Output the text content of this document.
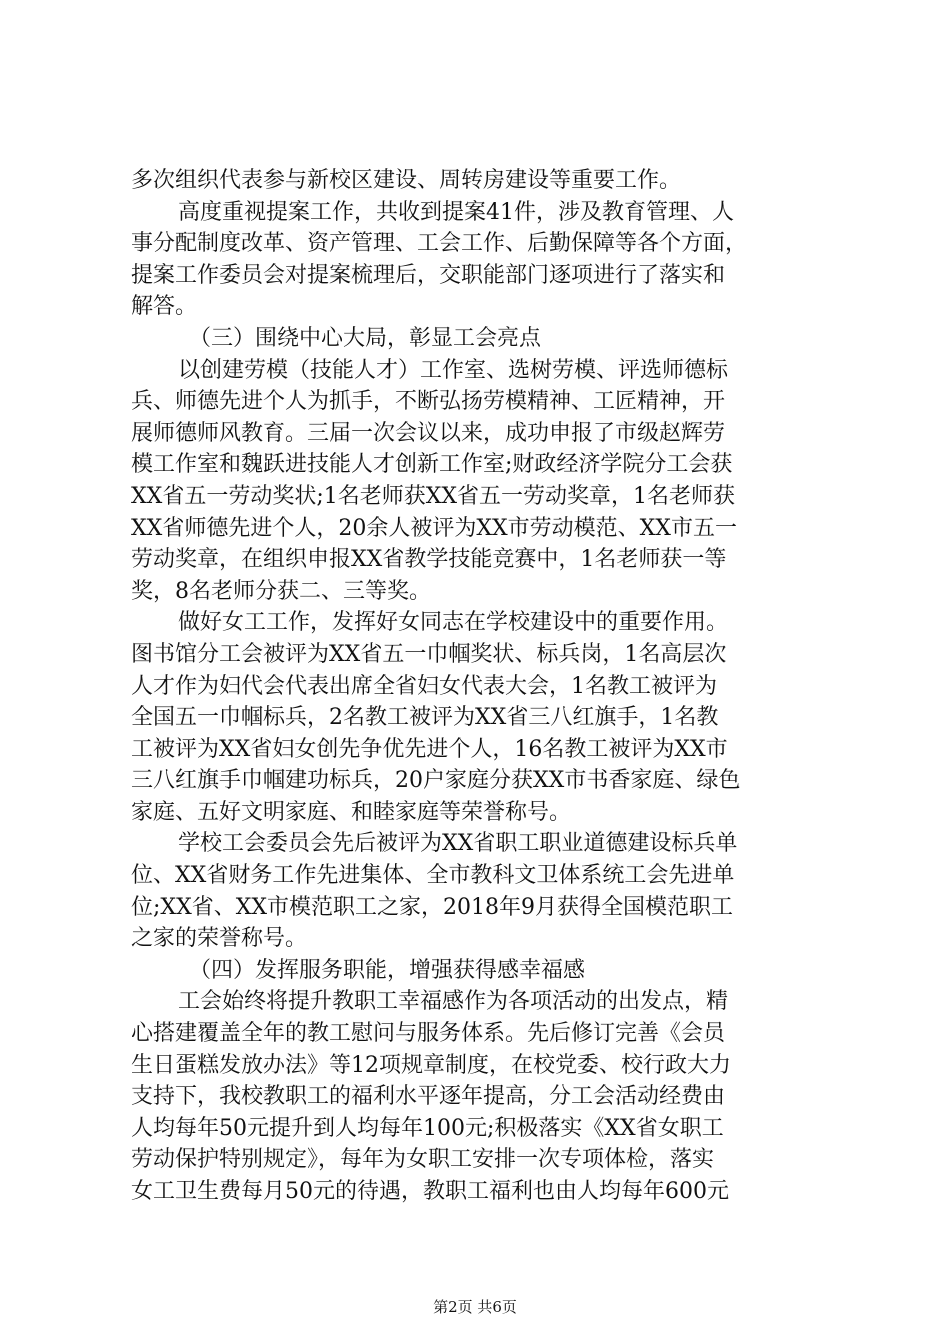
多次组织代表参与新校区建设、周转房建设等重要工作。
高度重视提案工作，共收到提案41件，涉及教育管理、人
事分配制度改革、资产管理、工会工作、后勤保障等各个方面，
提案工作委员会对提案梳理后，交职能部门逐项进行了落实和
解答。
（三）围绕中心大局，彰显工会亮点
以创建劳模（技能人才）工作室、选树劳模、评选师德标
兵、师德先进个人为抓手，不断弘扬劳模精神、工匠精神，开
展师德师风教育。三届一次会议以来，成功申报了市级赵辉劳
模工作室和魏跃进技能人才创新工作室;财政经济学院分工会获
XX省五一劳动奖状;1名老师获XX省五一劳动奖章，1名老师获
XX省师德先进个人，20余人被评为XX市劳动模范、XX市五一
劳动奖章，在组织申报XX省教学技能竞赛中，1名老师获一等
奖，8名老师分获二、三等奖。
做好女工工作，发挥好女同志在学校建设中的重要作用。
图书馆分工会被评为XX省五一巾帼奖状、标兵岗，1名高层次
人才作为妇代会代表出席全省妇女代表大会，1名教工被评为
全国五一巾帼标兵，2名教工被评为XX省三八红旗手，1名教
工被评为XX省妇女创先争优先进个人，16名教工被评为XX市
三八红旗手巾帼建功标兵，20户家庭分获XX市书香家庭、绿色
家庭、五好文明家庭、和睦家庭等荣誉称号。
学校工会委员会先后被评为XX省职工职业道德建设标兵单
位、XX省财务工作先进集体、全市教科文卫体系统工会先进单
位;XX省、XX市模范职工之家，2018年9月获得全国模范职工
之家的荣誉称号。
（四）发挥服务职能，增强获得感幸福感
工会始终将提升教职工幸福感作为各项活动的出发点，精
心搭建覆盖全年的教工慰问与服务体系。先后修订完善《会员
生日蛋糕发放办法》等12项规章制度，在校党委、校行政大力
支持下，我校教职工的福利水平逐年提高，分工会活动经费由
人均每年50元提升到人均每年100元;积极落实《XX省女职工
劳动保护特别规定》，每年为女职工安排一次专项体检，落实
女工卫生费每月50元的待遇，教职工福利也由人均每年600元
第2页 共6页
